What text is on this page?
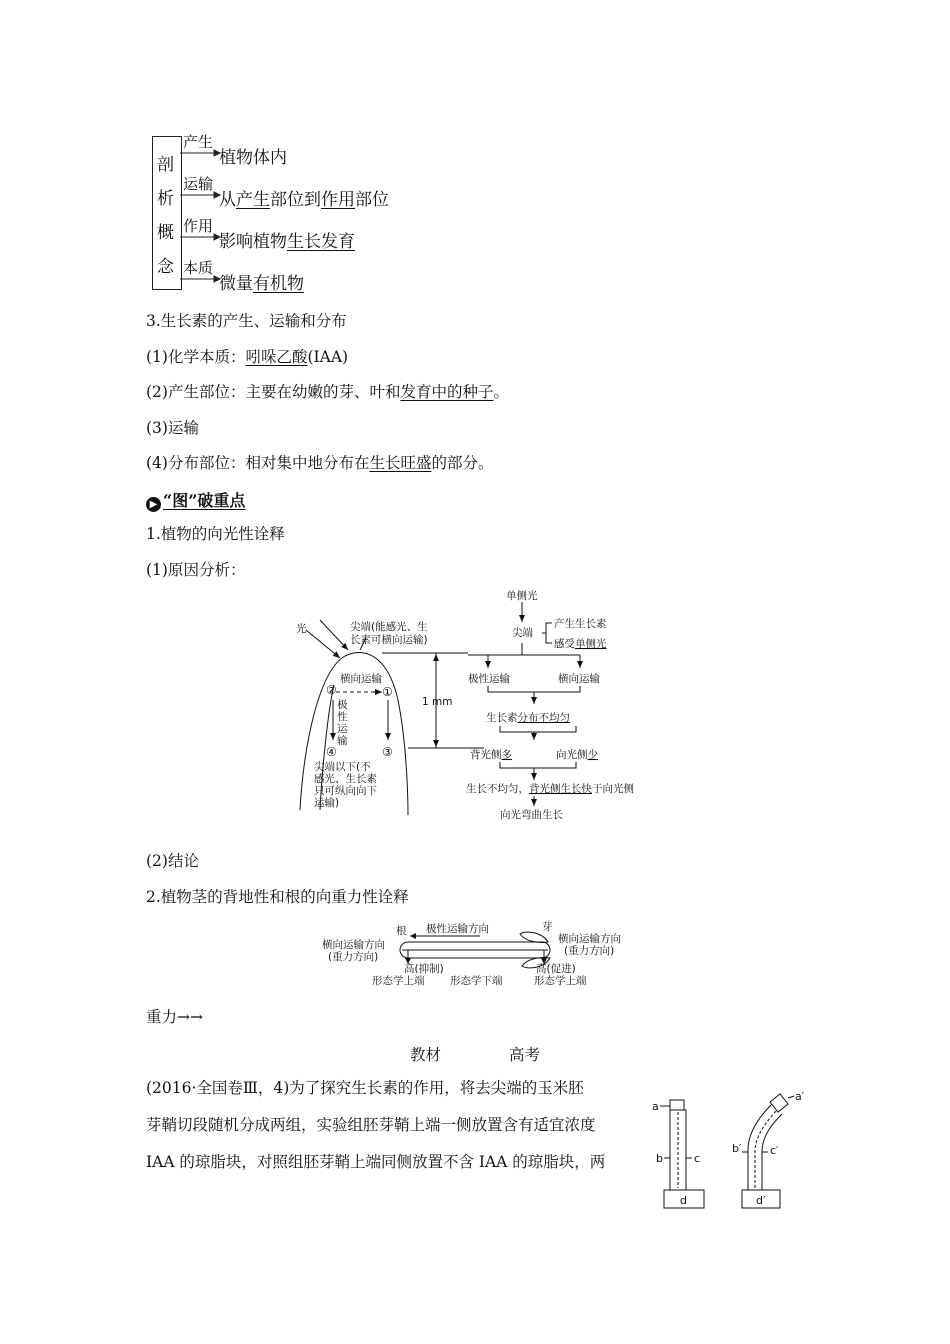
剖
析
概
念
产生
运输
作用
本质
植物体内
从产生部位到作用部位
影响植物生长发育
微量有机物
3.生长素的产生、运输和分布
(1)化学本质：吲哚乙酸(IAA)
(2)产生部位：主要在幼嫩的芽、叶和发育中的种子。
(3)运输
(4)分布部位：相对集中地分布在生长旺盛的部分。
▶ “图”破重点
1.植物的向光性诠释
(1)原因分析：
光	尖端(能感光、生
长素可横向运输)
横向运输
①
②
③
④
极
性
运
输
尖端以下(不
感光、生长素
只可纵向向下
运输)
1 mm
单侧光
尖端
产生生长素
感受单侧光
极性运输	横向运输
生长素分布不均匀
背光侧多	向光侧少
生长不均匀，背光侧生长快于向光侧
向光弯曲生长
(2)结论
2.植物茎的背地性和根的向重力性诠释
根 极性运输方向	芽
横向运输方向
(重力方向)
横向运输方向
(重力方向)
高(抑制)	高(促进)
形态学上端 形态学下端	形态学上端
重力→→
教材	高考
(2016·全国卷Ⅲ，4)为了探究生长素的作用，将去尖端的玉米胚
芽鞘切段随机分成两组，实验组胚芽鞘上端一侧放置含有适宜浓度
IAA 的琼脂块，对照组胚芽鞘上端同侧放置不含 IAA 的琼脂块，两
a
b	c
d
a′
b′	c′
d′
